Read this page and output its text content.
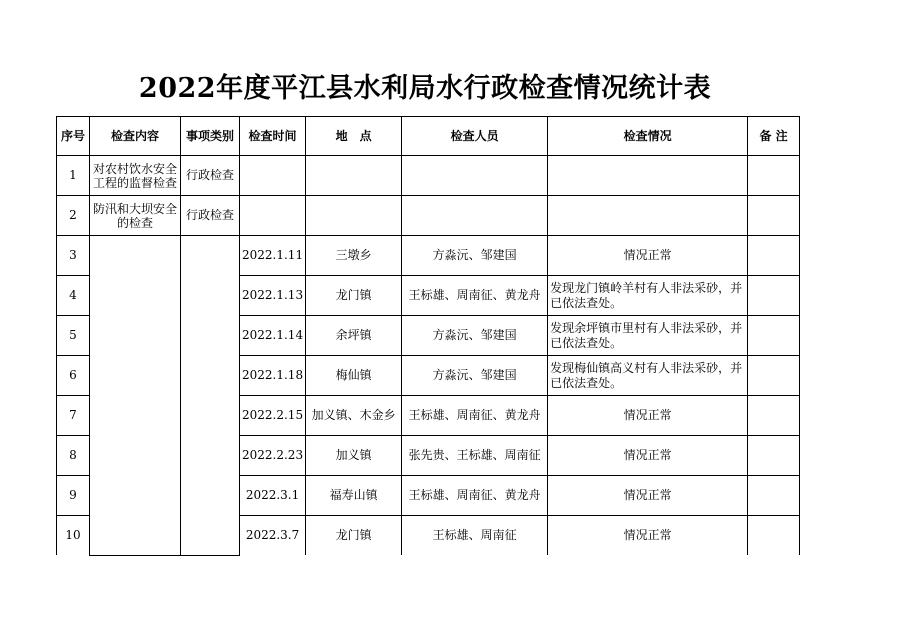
2022年度平江县水利局水行政检查情况统计表
序号	检查内容	事项类别	检查时间	地　点	检查人员	检查情况	备 注
1	对农村饮水安全工程的监督检查	行政检查					
2	防汛和大坝安全的检查	行政检查					
3			2022.1.11	三墩乡	方淼沅、邹建国	情况正常	
4			2022.1.13	龙门镇	王标雄、周南征、黄龙舟	发现龙门镇岭羊村有人非法采砂，并已依法查处。	
5			2022.1.14	余坪镇	方淼沅、邹建国	发现余坪镇市里村有人非法采砂，并已依法查处。	
6			2022.1.18	梅仙镇	方淼沅、邹建国	发现梅仙镇高义村有人非法采砂，并已依法查处。	
7			2022.2.15	加义镇、木金乡	王标雄、周南征、黄龙舟	情况正常	
8			2022.2.23	加义镇	张先贵、王标雄、周南征	情况正常	
9			2022.3.1	福寿山镇	王标雄、周南征、黄龙舟	情况正常	
10			2022.3.7	龙门镇	王标雄、周南征	情况正常	
